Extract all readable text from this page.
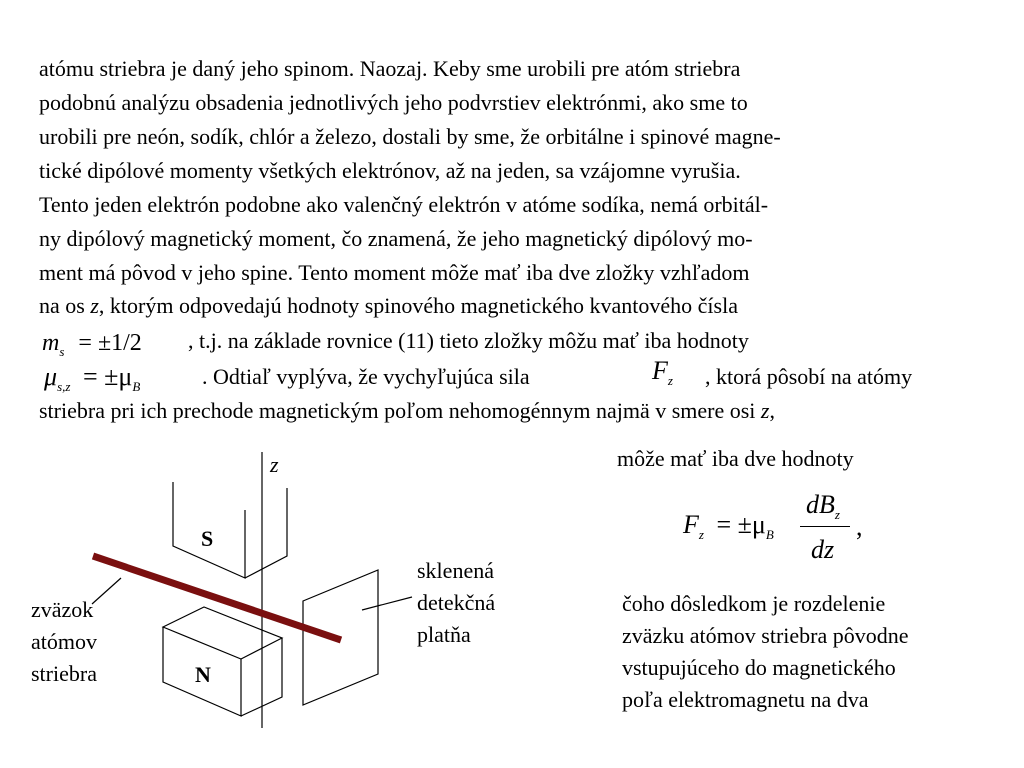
atómu striebra je daný jeho spinom. Naozaj. Keby sme urobili pre atóm striebra
podobnú analýzu obsadenia jednotlivých jeho podvrstiev elektrónmi, ako sme to
urobili pre neón, sodík, chlór a železo, dostali by sme, že orbitálne i spinové magne-
tické dipólové momenty všetkých elektrónov, až na jeden, sa vzájomne vyrušia.
Tento jeden elektrón podobne ako valenčný elektrón v atóme sodíka, nemá orbitál-
ny dipólový magnetický moment, čo znamená, že jeho magnetický dipólový mo-
ment má pôvod v jeho spine. Tento moment môže mať iba dve zložky vzhľadom
na os z, ktorým odpovedajú hodnoty spinového magnetického kvantového čísla
$m_s = \pm 1/2$ , t.j. na základe rovnice (11) tieto zložky môžu mať iba hodnoty
$\mu_{s,z} = \pm\mu_B$	. Odtiaľ vyplýva, že vychyľujúca sila	$F_z$ , ktorá pôsobí na atómy
striebra pri ich prechode magnetickým poľom nehomogénnym najmä v smere osi z,
môže mať iba dve hodnoty
$F_z = \pm\mu_B$
$dB_z$
dz
,
čoho dôsledkom je rozdelenie
zväzku atómov striebra pôvodne
vstupujúceho do magnetického
poľa elektromagnetu na dva
z
S
N
zväzok
atómov
striebra
sklenená
detekčná
platňa
